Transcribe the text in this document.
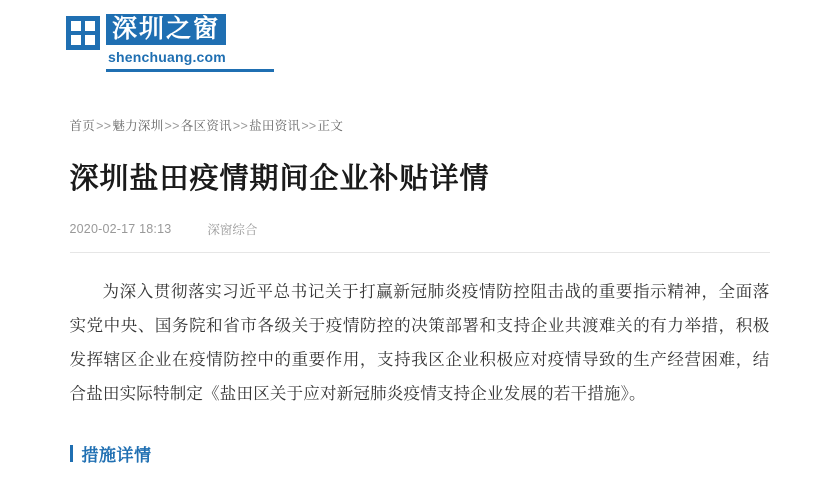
深圳之窗
shenchuang.com
首页>>魅力深圳>>各区资讯>>盐田资讯>>正文
深圳盐田疫情期间企业补贴详情
2020-02-17 18:13	深窗综合

为深入贯彻落实习近平总书记关于打赢新冠肺炎疫情防控阻击战的重要指示精神，全面落实党中央、国务院和省市各级关于疫情防控的决策部署和支持企业共渡难关的有力举措，积极发挥辖区企业在疫情防控中的重要作用，支持我区企业积极应对疫情导致的生产经营困难，结合盐田实际特制定《盐田区关于应对新冠肺炎疫情支持企业发展的若干措施》。

措施详情
